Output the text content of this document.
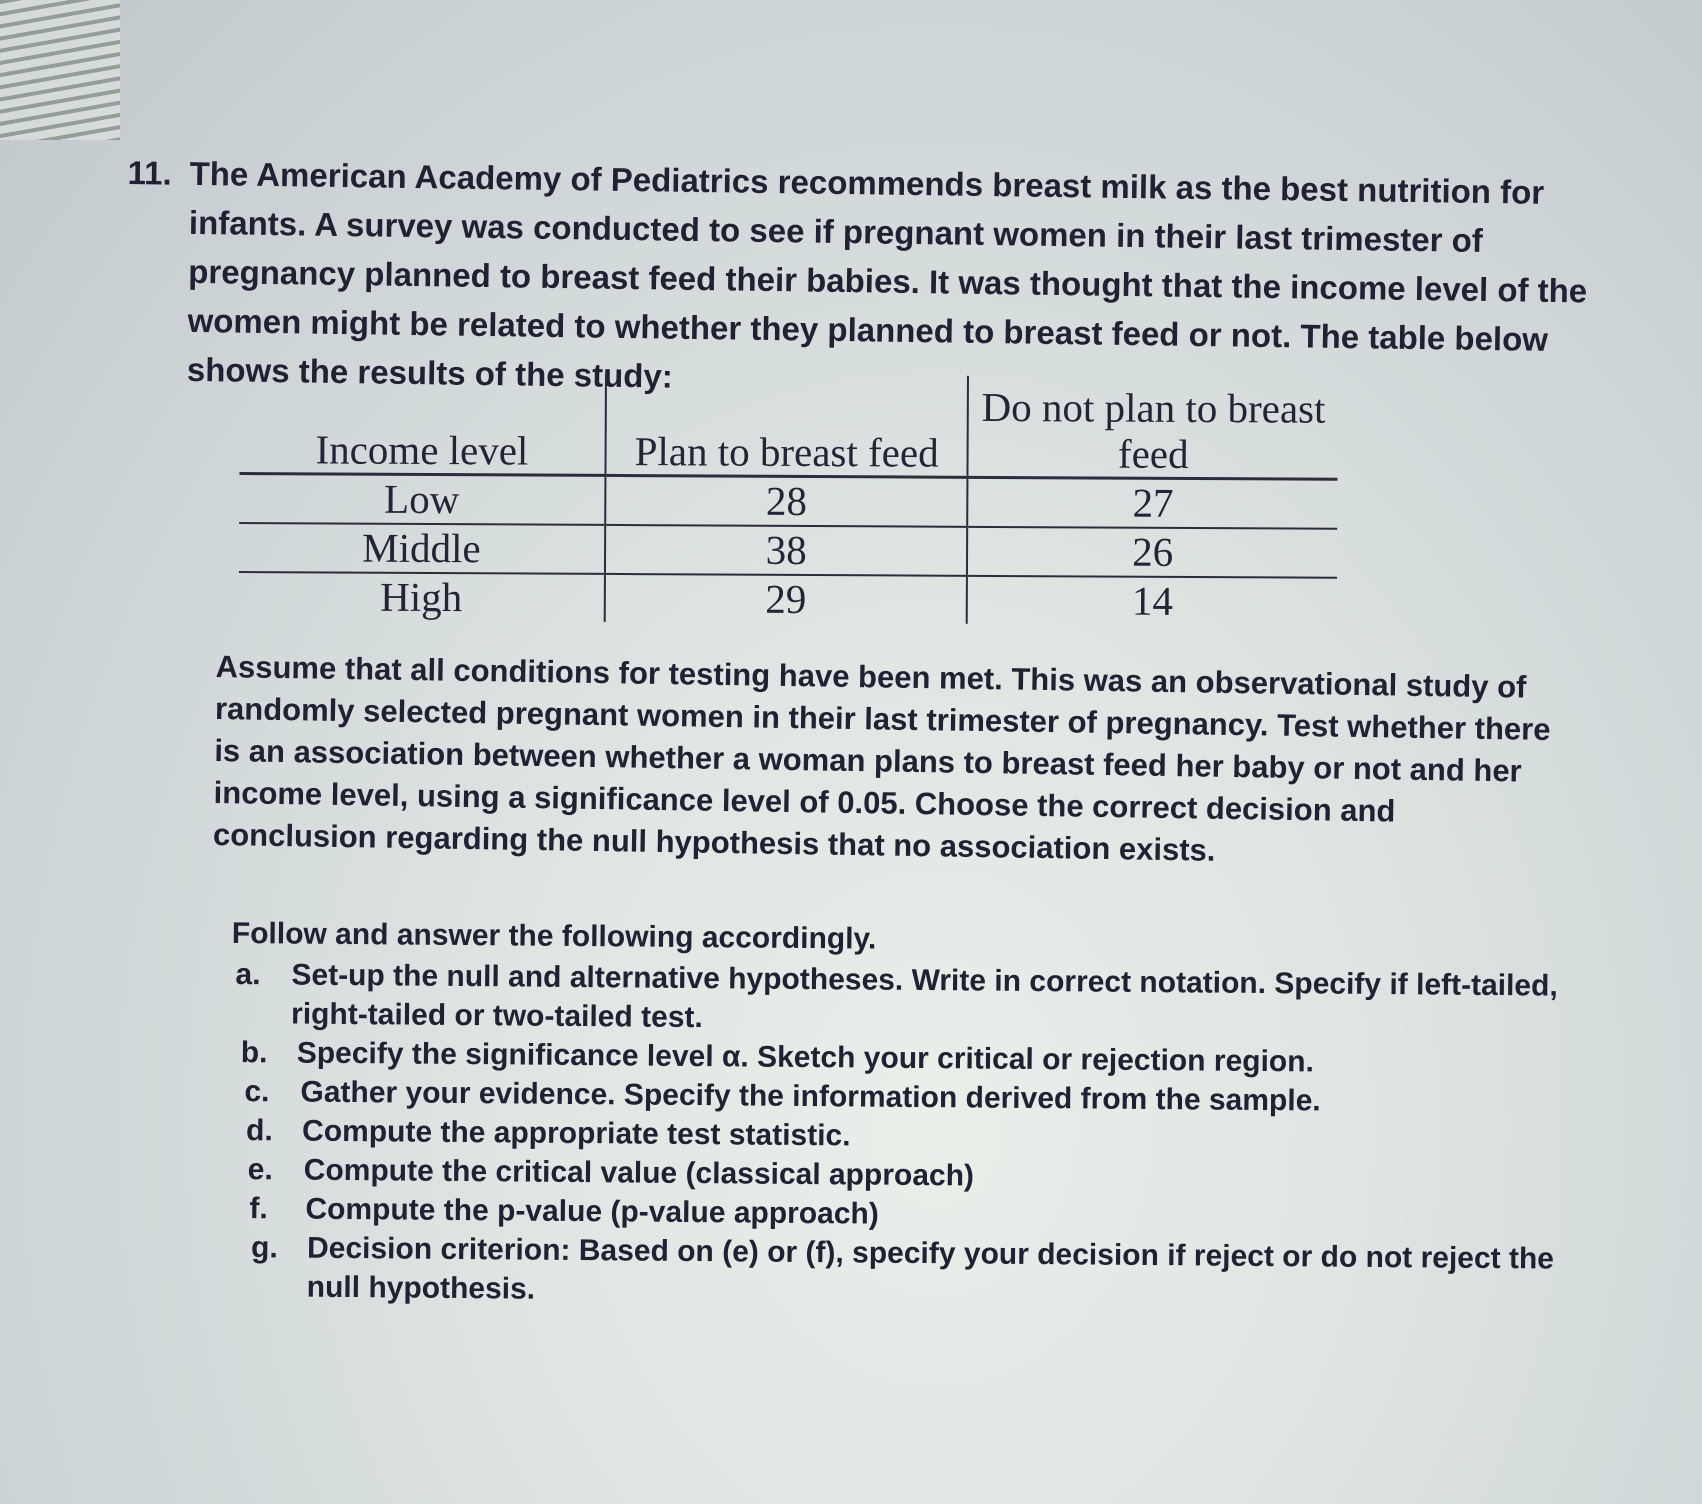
11. The American Academy of Pediatrics recommends breast milk as the best nutrition for infants. A survey was conducted to see if pregnant women in their last trimester of pregnancy planned to breast feed their babies. It was thought that the income level of the women might be related to whether they planned to breast feed or not. The table below shows the results of the study:
Income level	Plan to breast feed	Do not plan to breast feed
Low	28	27
Middle	38	26
High	29	14
Assume that all conditions for testing have been met. This was an observational study of randomly selected pregnant women in their last trimester of pregnancy. Test whether there is an association between whether a woman plans to breast feed her baby or not and her income level, using a significance level of 0.05. Choose the correct decision and conclusion regarding the null hypothesis that no association exists.
Follow and answer the following accordingly.
a. Set-up the null and alternative hypotheses. Write in correct notation. Specify if left-tailed, right-tailed or two-tailed test.
b. Specify the significance level α. Sketch your critical or rejection region.
c. Gather your evidence. Specify the information derived from the sample.
d. Compute the appropriate test statistic.
e. Compute the critical value (classical approach)
f. Compute the p-value (p-value approach)
g. Decision criterion: Based on (e) or (f), specify your decision if reject or do not reject the null hypothesis.
